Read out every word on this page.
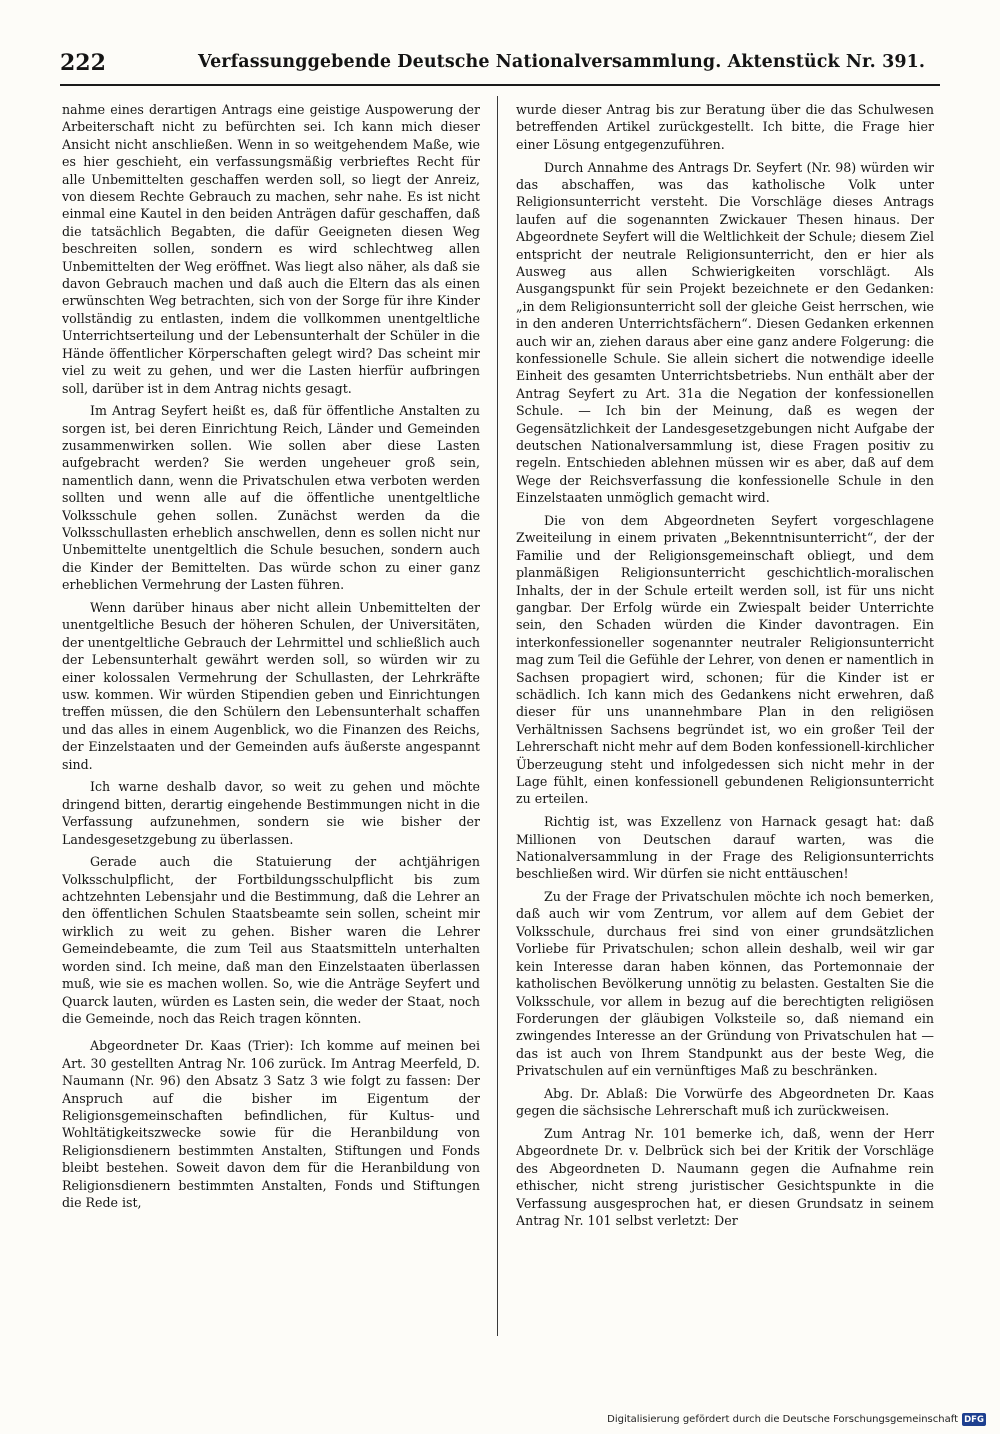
222	Verfassunggebende Deutsche Nationalversammlung. Aktenstück Nr. 391.

nahme eines derartigen Antrags eine geistige Auspowerung der Arbeiterschaft nicht zu befürchten sei. Ich kann mich dieser Ansicht nicht anschließen. Wenn in so weitgehendem Maße, wie es hier geschieht, ein verfassungsmäßig verbrieftes Recht für alle Unbemittelten geschaffen werden soll, so liegt der Anreiz, von diesem Rechte Gebrauch zu machen, sehr nahe. Es ist nicht einmal eine Kautel in den beiden Anträgen dafür geschaffen, daß die tatsächlich Begabten, die dafür Geeigneten diesen Weg beschreiten sollen, sondern es wird schlechtweg allen Unbemittelten der Weg eröffnet. Was liegt also näher, als daß sie davon Gebrauch machen und daß auch die Eltern das als einen erwünschten Weg betrachten, sich von der Sorge für ihre Kinder vollständig zu entlasten, indem die vollkommen unentgeltliche Unterrichtserteilung und der Lebensunterhalt der Schüler in die Hände öffentlicher Körperschaften gelegt wird? Das scheint mir viel zu weit zu gehen, und wer die Lasten hierfür aufbringen soll, darüber ist in dem Antrag nichts gesagt.

Im Antrag Seyfert heißt es, daß für öffentliche Anstalten zu sorgen ist, bei deren Einrichtung Reich, Länder und Gemeinden zusammenwirken sollen. Wie sollen aber diese Lasten aufgebracht werden? Sie werden ungeheuer groß sein, namentlich dann, wenn die Privatschulen etwa verboten werden sollten und wenn alle auf die öffentliche unentgeltliche Volksschule gehen sollen. Zunächst werden da die Volksschullasten erheblich anschwellen, denn es sollen nicht nur Unbemittelte unentgeltlich die Schule besuchen, sondern auch die Kinder der Bemittelten. Das würde schon zu einer ganz erheblichen Vermehrung der Lasten führen.

Wenn darüber hinaus aber nicht allein Unbemittelten der unentgeltliche Besuch der höheren Schulen, der Universitäten, der unentgeltliche Gebrauch der Lehrmittel und schließlich auch der Lebensunterhalt gewährt werden soll, so würden wir zu einer kolossalen Vermehrung der Schullasten, der Lehrkräfte usw. kommen. Wir würden Stipendien geben und Einrichtungen treffen müssen, die den Schülern den Lebensunterhalt schaffen und das alles in einem Augenblick, wo die Finanzen des Reichs, der Einzelstaaten und der Gemeinden aufs äußerste angespannt sind.

Ich warne deshalb davor, so weit zu gehen und möchte dringend bitten, derartig eingehende Bestimmungen nicht in die Verfassung aufzunehmen, sondern sie wie bisher der Landesgesetzgebung zu überlassen.

Gerade auch die Statuierung der achtjährigen Volksschulpflicht, der Fortbildungsschulpflicht bis zum achtzehnten Lebensjahr und die Bestimmung, daß die Lehrer an den öffentlichen Schulen Staatsbeamte sein sollen, scheint mir wirklich zu weit zu gehen. Bisher waren die Lehrer Gemeindebeamte, die zum Teil aus Staatsmitteln unterhalten worden sind. Ich meine, daß man den Einzelstaaten überlassen muß, wie sie es machen wollen. So, wie die Anträge Seyfert und Quarck lauten, würden es Lasten sein, die weder der Staat, noch die Gemeinde, noch das Reich tragen könnten.

Abgeordneter Dr. Kaas (Trier): Ich komme auf meinen bei Art. 30 gestellten Antrag Nr. 106 zurück. Im Antrag Meerfeld, D. Naumann (Nr. 96) den Absatz 3 Satz 3 wie folgt zu fassen: Der Anspruch auf die bisher im Eigentum der Religionsgemeinschaften befindlichen, für Kultus- und Wohltätigkeitszwecke sowie für die Heranbildung von Religionsdienern bestimmten Anstalten, Stiftungen und Fonds bleibt bestehen. Soweit davon dem für die Heranbildung von Religionsdienern bestimmten Anstalten, Fonds und Stiftungen die Rede ist,

wurde dieser Antrag bis zur Beratung über die das Schulwesen betreffenden Artikel zurückgestellt. Ich bitte, die Frage hier einer Lösung entgegenzuführen.

Durch Annahme des Antrags Dr. Seyfert (Nr. 98) würden wir das abschaffen, was das katholische Volk unter Religionsunterricht versteht. Die Vorschläge dieses Antrags laufen auf die sogenannten Zwickauer Thesen hinaus. Der Abgeordnete Seyfert will die Weltlichkeit der Schule; diesem Ziel entspricht der neutrale Religionsunterricht, den er hier als Ausweg aus allen Schwierigkeiten vorschlägt. Als Ausgangspunkt für sein Projekt bezeichnete er den Gedanken: „in dem Religionsunterricht soll der gleiche Geist herrschen, wie in den anderen Unterrichtsfächern“. Diesen Gedanken erkennen auch wir an, ziehen daraus aber eine ganz andere Folgerung: die konfessionelle Schule. Sie allein sichert die notwendige ideelle Einheit des gesamten Unterrichtsbetriebs. Nun enthält aber der Antrag Seyfert zu Art. 31a die Negation der konfessionellen Schule. — Ich bin der Meinung, daß es wegen der Gegensätzlichkeit der Landesgesetzgebungen nicht Aufgabe der deutschen Nationalversammlung ist, diese Fragen positiv zu regeln. Entschieden ablehnen müssen wir es aber, daß auf dem Wege der Reichsverfassung die konfessionelle Schule in den Einzelstaaten unmöglich gemacht wird.

Die von dem Abgeordneten Seyfert vorgeschlagene Zweiteilung in einem privaten „Bekenntnisunterricht“, der der Familie und der Religionsgemeinschaft obliegt, und dem planmäßigen Religionsunterricht geschichtlich-moralischen Inhalts, der in der Schule erteilt werden soll, ist für uns nicht gangbar. Der Erfolg würde ein Zwiespalt beider Unterrichte sein, den Schaden würden die Kinder davontragen. Ein interkonfessioneller sogenannter neutraler Religionsunterricht mag zum Teil die Gefühle der Lehrer, von denen er namentlich in Sachsen propagiert wird, schonen; für die Kinder ist er schädlich. Ich kann mich des Gedankens nicht erwehren, daß dieser für uns unannehmbare Plan in den religiösen Verhältnissen Sachsens begründet ist, wo ein großer Teil der Lehrerschaft nicht mehr auf dem Boden konfessionell-kirchlicher Überzeugung steht und infolgedessen sich nicht mehr in der Lage fühlt, einen konfessionell gebundenen Religionsunterricht zu erteilen.

Richtig ist, was Exzellenz von Harnack gesagt hat: daß Millionen von Deutschen darauf warten, was die Nationalversammlung in der Frage des Religionsunterrichts beschließen wird. Wir dürfen sie nicht enttäuschen!

Zu der Frage der Privatschulen möchte ich noch bemerken, daß auch wir vom Zentrum, vor allem auf dem Gebiet der Volksschule, durchaus frei sind von einer grundsätzlichen Vorliebe für Privatschulen; schon allein deshalb, weil wir gar kein Interesse daran haben können, das Portemonnaie der katholischen Bevölkerung unnötig zu belasten. Gestalten Sie die Volksschule, vor allem in bezug auf die berechtigten religiösen Forderungen der gläubigen Volksteile so, daß niemand ein zwingendes Interesse an der Gründung von Privatschulen hat — das ist auch von Ihrem Standpunkt aus der beste Weg, die Privatschulen auf ein vernünftiges Maß zu beschränken.

Abg. Dr. Ablaß: Die Vorwürfe des Abgeordneten Dr. Kaas gegen die sächsische Lehrerschaft muß ich zurückweisen.

Zum Antrag Nr. 101 bemerke ich, daß, wenn der Herr Abgeordnete Dr. v. Delbrück sich bei der Kritik der Vorschläge des Abgeordneten D. Naumann gegen die Aufnahme rein ethischer, nicht streng juristischer Gesichtspunkte in die Verfassung ausgesprochen hat, er diesen Grundsatz in seinem Antrag Nr. 101 selbst verletzt: Der

Digitalisierung gefördert durch die Deutsche Forschungsgemeinschaft DFG
